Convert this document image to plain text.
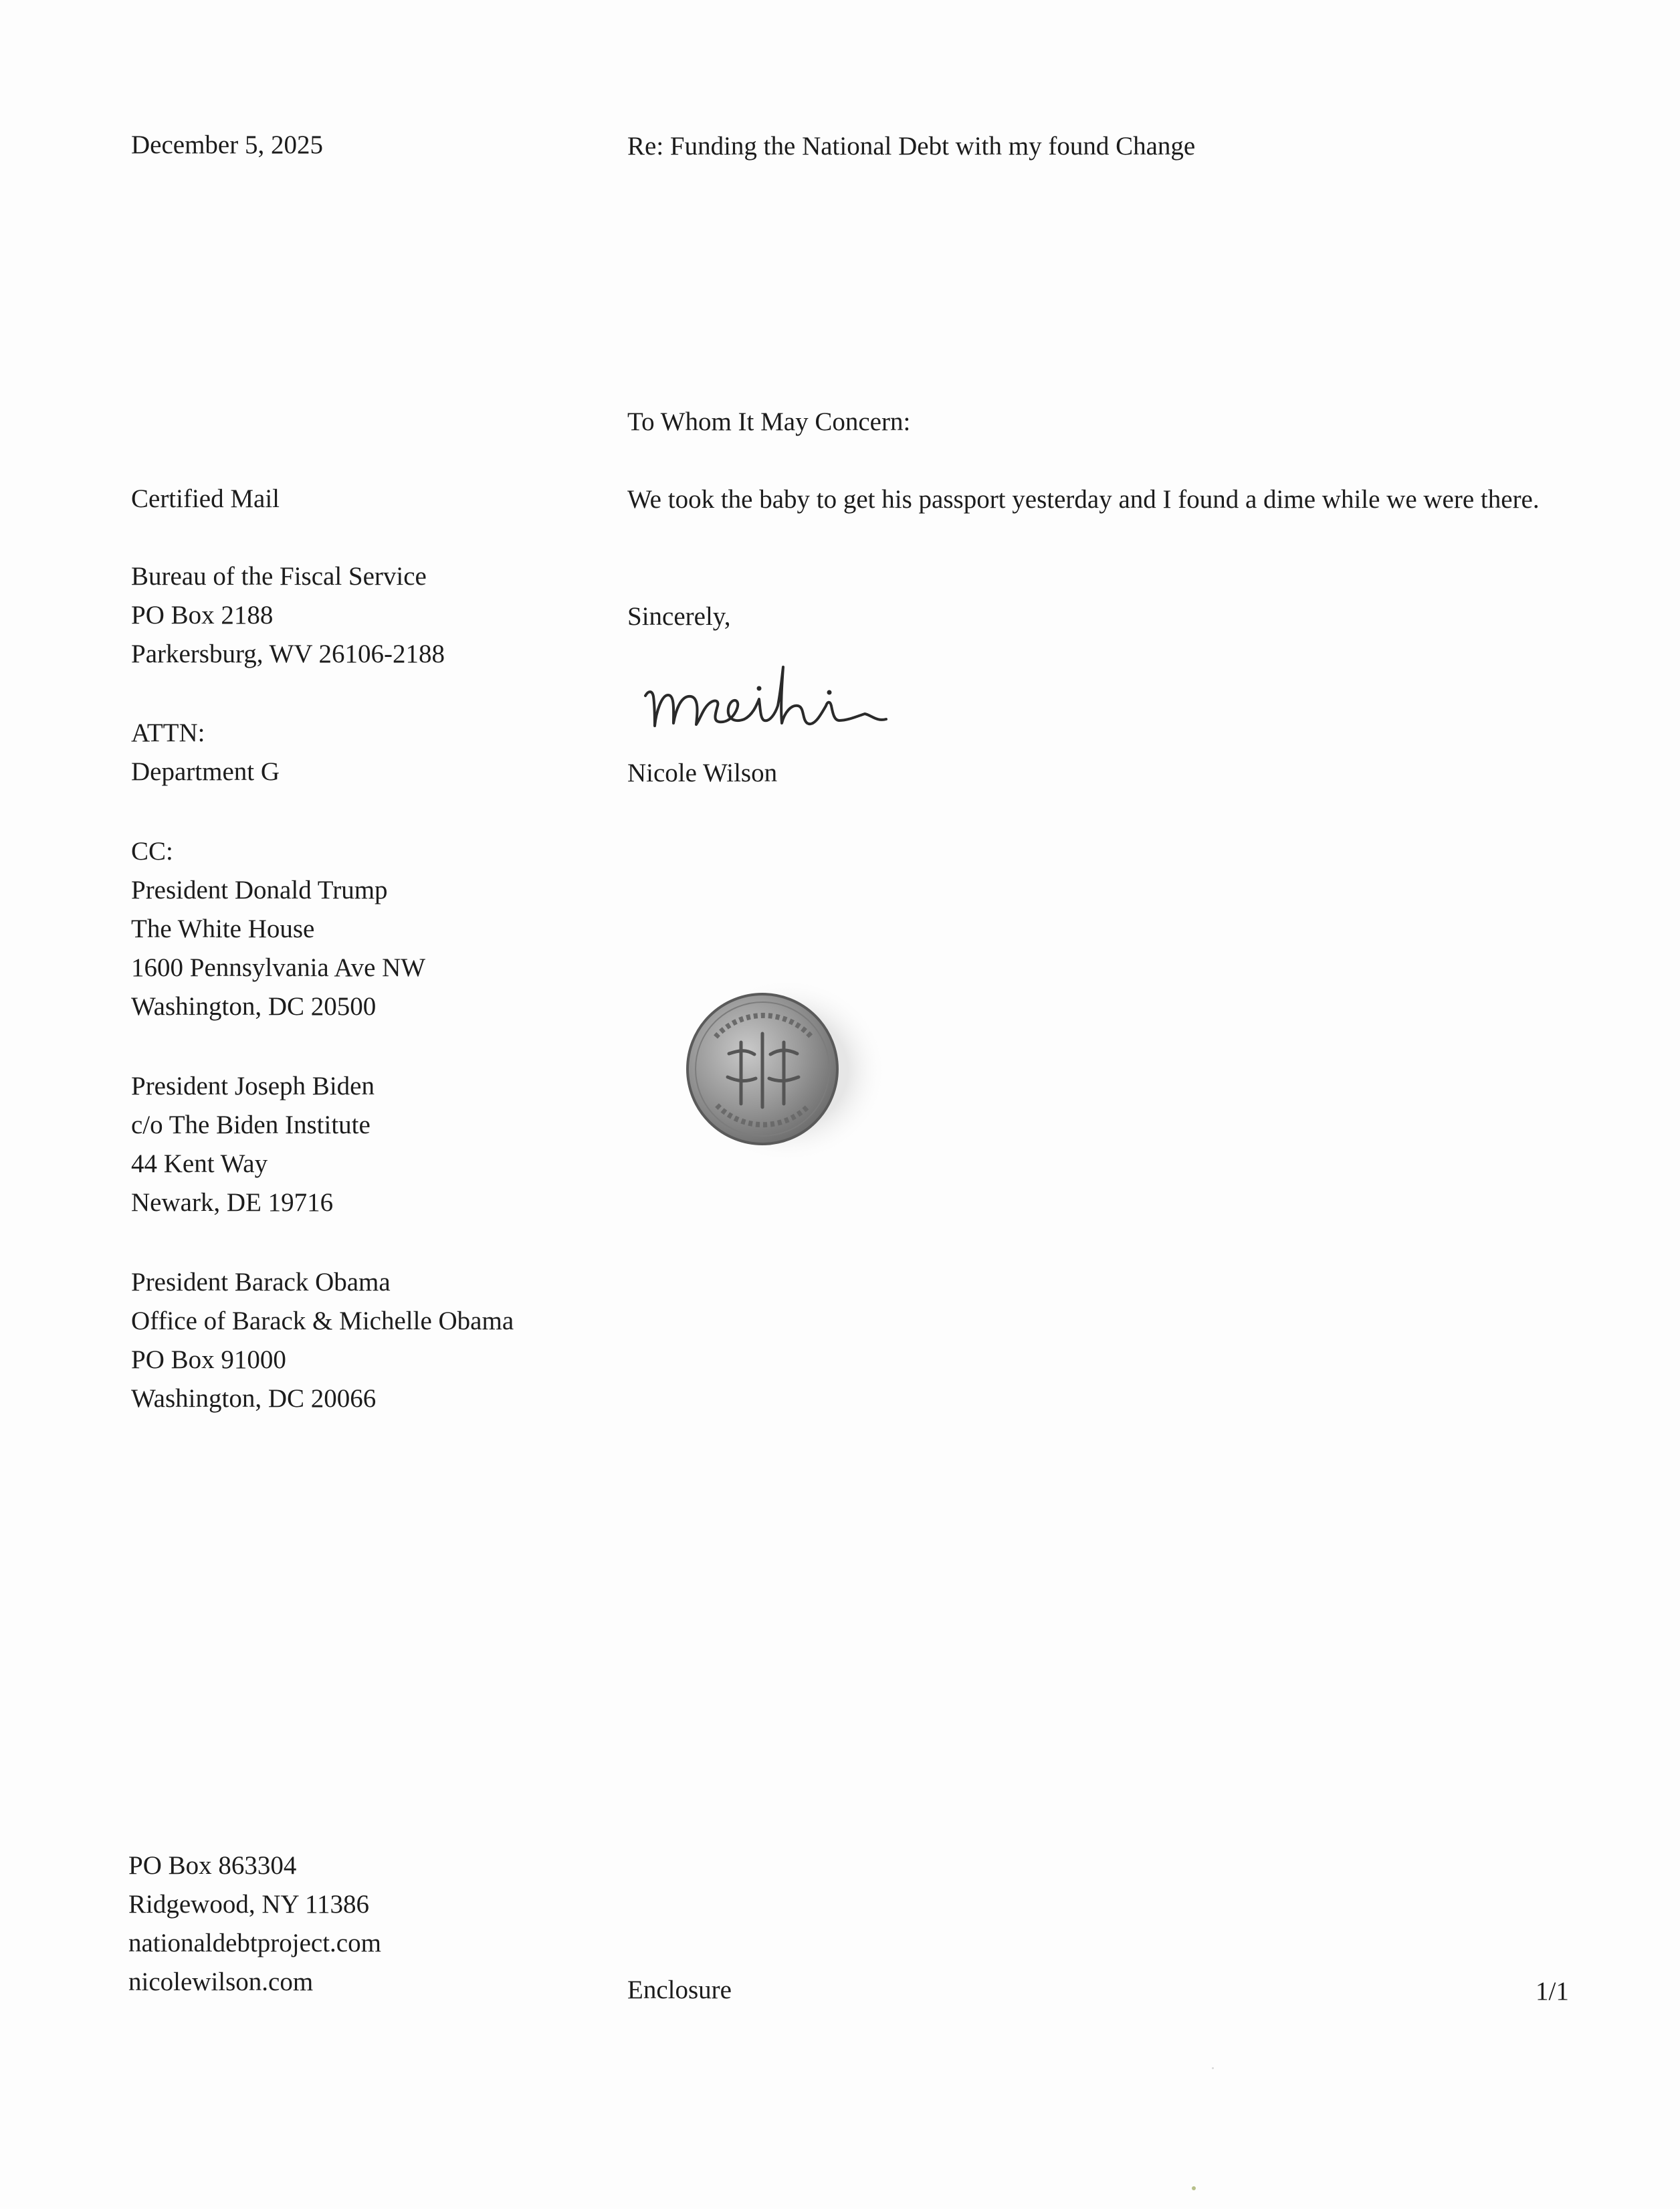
December 5, 2025	Re: Funding the National Debt with my found Change

To Whom It May Concern:

We took the baby to get his passport yesterday and I found a dime while we were there.

Sincerely,

Nicole Wilson

Certified Mail

Bureau of the Fiscal Service
PO Box 2188
Parkersburg, WV 26106-2188
ATTN:
Department G
CC:
President Donald Trump
The White House
1600 Pennsylvania Ave NW
Washington, DC 20500
President Joseph Biden
c/o The Biden Institute
44 Kent Way
Newark, DE 19716
President Barack Obama
Office of Barack & Michelle Obama
PO Box 91000
Washington, DC 20066
PO Box 863304
Ridgewood, NY 11386
nationaldebtproject.com
nicolewilson.com	Enclosure	1/1
